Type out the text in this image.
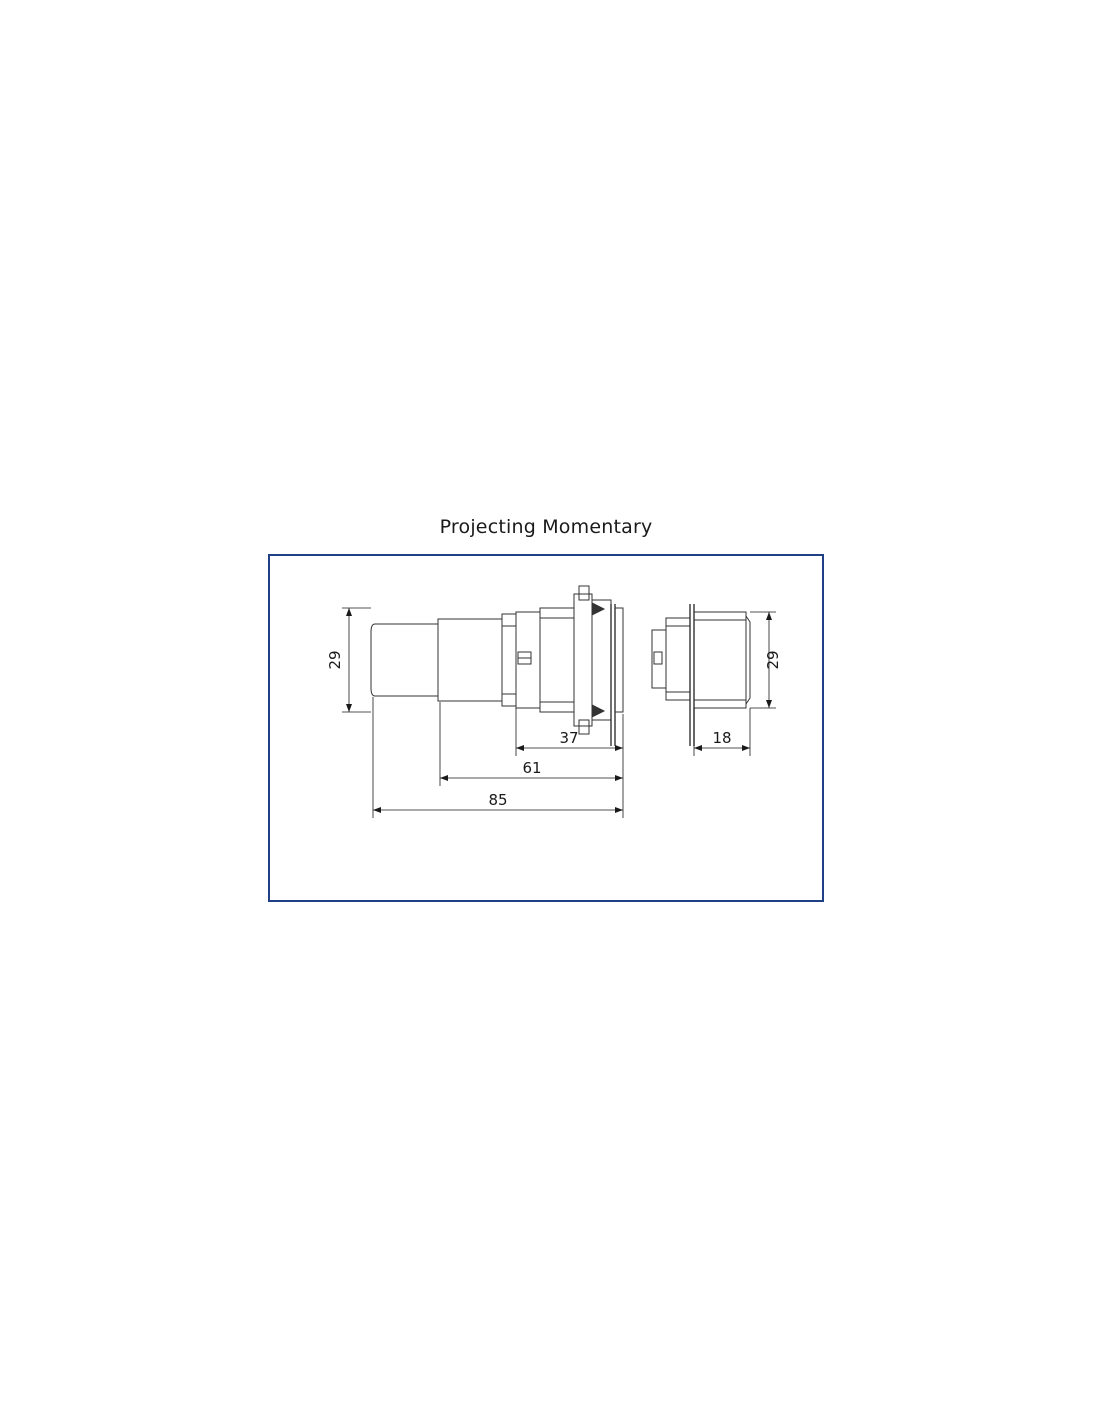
Projecting Momentary
29
37
61
85
29
18
